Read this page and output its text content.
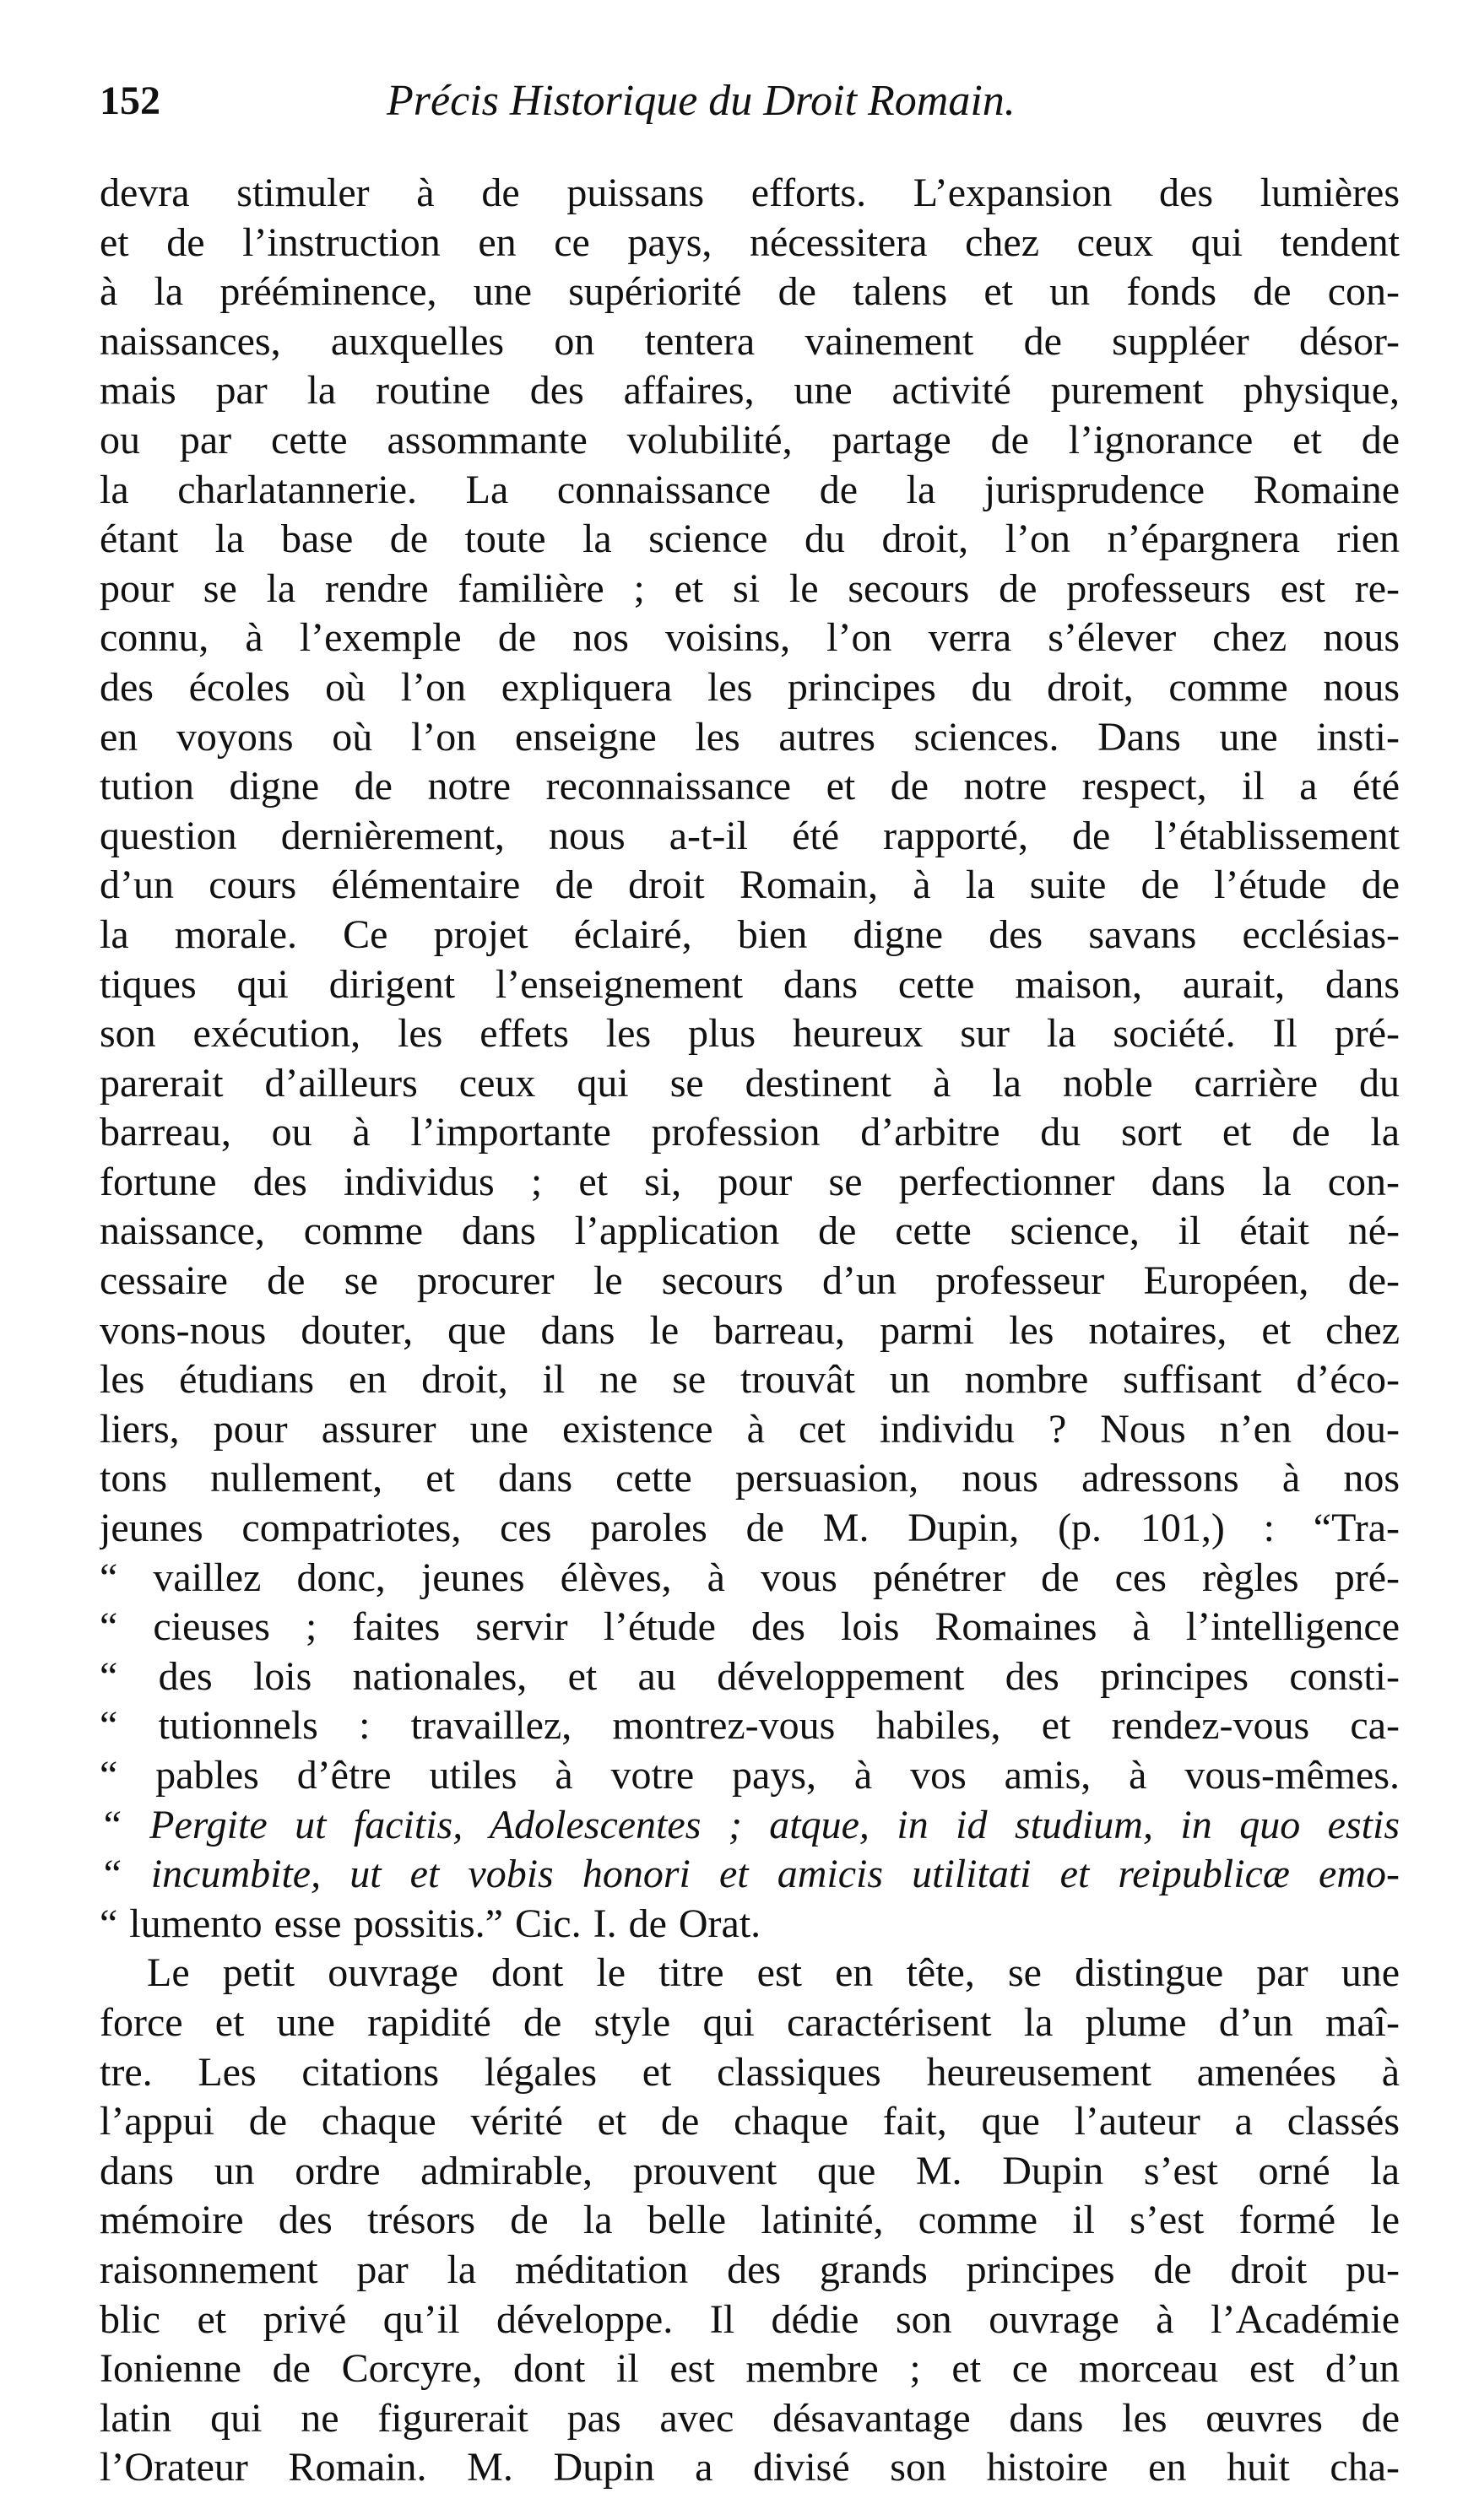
152	Précis Historique du Droit Romain.
devra stimuler à de puissans efforts. L’expansion des lumières
et de l’instruction en ce pays, nécessitera chez ceux qui tendent
à la prééminence, une supériorité de talens et un fonds de con-
naissances, auxquelles on tentera vainement de suppléer désor-
mais par la routine des affaires, une activité purement physique,
ou par cette assommante volubilité, partage de l’ignorance et de
la charlatannerie. La connaissance de la jurisprudence Romaine
étant la base de toute la science du droit, l’on n’épargnera rien
pour se la rendre familière ; et si le secours de professeurs est re-
connu, à l’exemple de nos voisins, l’on verra s’élever chez nous
des écoles où l’on expliquera les principes du droit, comme nous
en voyons où l’on enseigne les autres sciences. Dans une insti-
tution digne de notre reconnaissance et de notre respect, il a été
question dernièrement, nous a-t-il été rapporté, de l’établissement
d’un cours élémentaire de droit Romain, à la suite de l’étude de
la morale. Ce projet éclairé, bien digne des savans ecclésias-
tiques qui dirigent l’enseignement dans cette maison, aurait, dans
son exécution, les effets les plus heureux sur la société. Il pré-
parerait d’ailleurs ceux qui se destinent à la noble carrière du
barreau, ou à l’importante profession d’arbitre du sort et de la
fortune des individus ; et si, pour se perfectionner dans la con-
naissance, comme dans l’application de cette science, il était né-
cessaire de se procurer le secours d’un professeur Européen, de-
vons-nous douter, que dans le barreau, parmi les notaires, et chez
les étudians en droit, il ne se trouvât un nombre suffisant d’éco-
liers, pour assurer une existence à cet individu ? Nous n’en dou-
tons nullement, et dans cette persuasion, nous adressons à nos
jeunes compatriotes, ces paroles de M. Dupin, (p. 101,) : “Tra-
“ vaillez donc, jeunes élèves, à vous pénétrer de ces règles pré-
“ cieuses ; faites servir l’étude des lois Romaines à l’intelligence
“ des lois nationales, et au développement des principes consti-
“ tutionnels : travaillez, montrez-vous habiles, et rendez-vous ca-
“ pables d’être utiles à votre pays, à vos amis, à vous-mêmes.
“ Pergite ut facitis, Adolescentes ; atque, in id studium, in quo estis
“ incumbite, ut et vobis honori et amicis utilitati et reipublicæ emo-
“ lumento esse possitis.” Cic. I. de Orat.
Le petit ouvrage dont le titre est en tête, se distingue par une
force et une rapidité de style qui caractérisent la plume d’un maî-
tre. Les citations légales et classiques heureusement amenées à
l’appui de chaque vérité et de chaque fait, que l’auteur a classés
dans un ordre admirable, prouvent que M. Dupin s’est orné la
mémoire des trésors de la belle latinité, comme il s’est formé le
raisonnement par la méditation des grands principes de droit pu-
blic et privé qu’il développe. Il dédie son ouvrage à l’Académie
Ionienne de Corcyre, dont il est membre ; et ce morceau est d’un
latin qui ne figurerait pas avec désavantage dans les œuvres de
l’Orateur Romain. M. Dupin a divisé son histoire en huit cha-
